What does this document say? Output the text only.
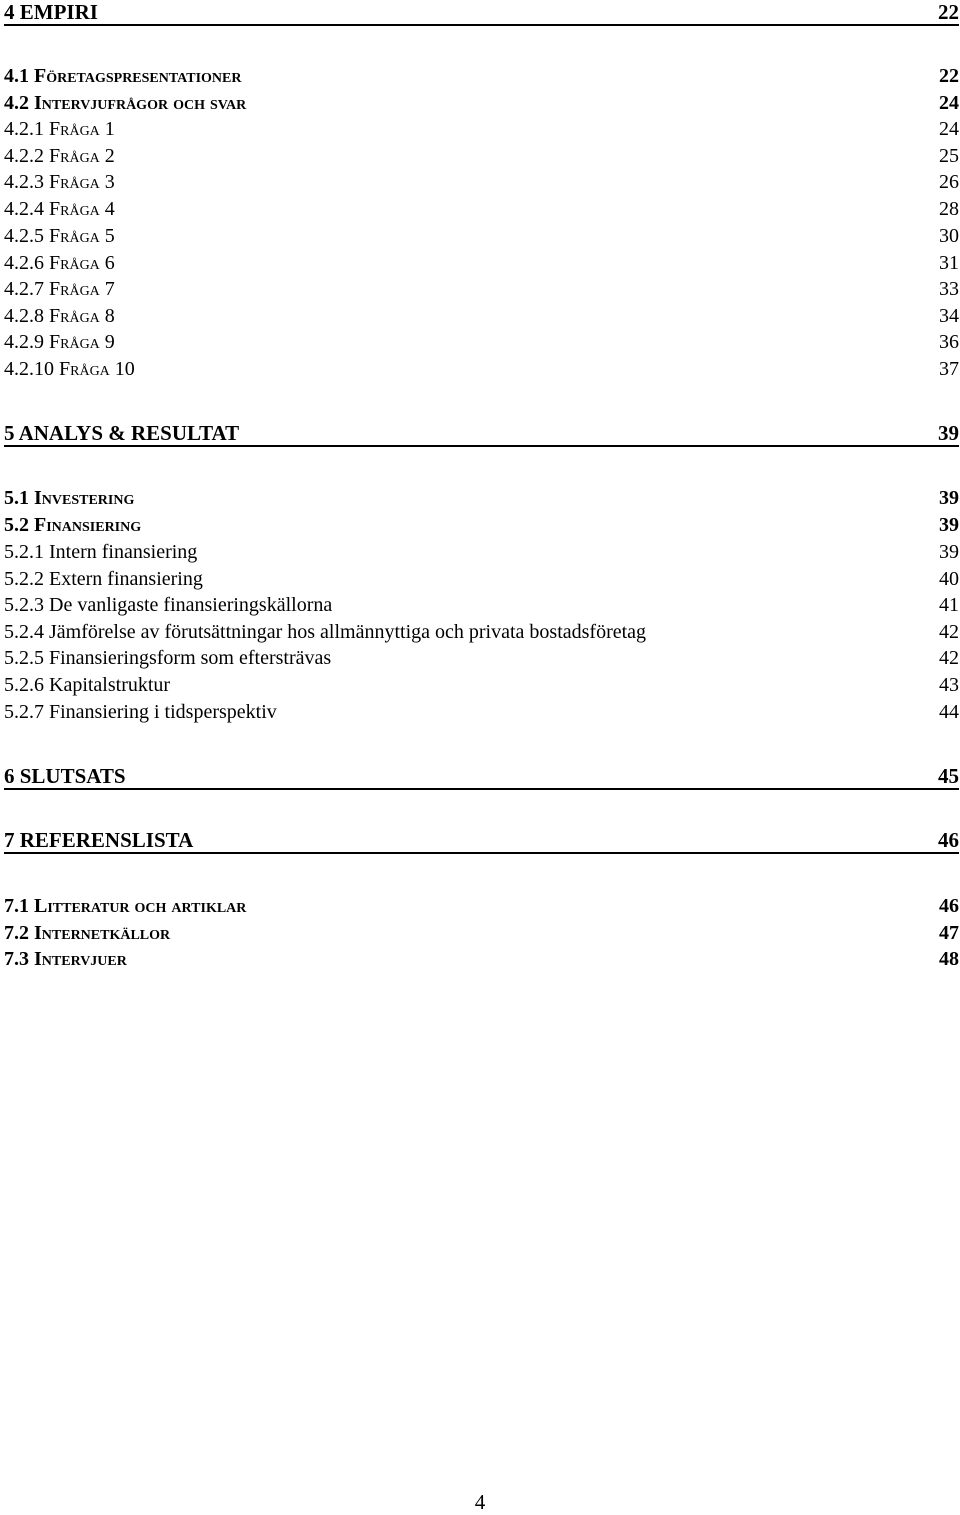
4 EMPIRI	22
4.1 Företagspresentationer	22
4.2 Intervjufrågor och svar	24
4.2.1 Fråga 1	24
4.2.2 Fråga 2	25
4.2.3 Fråga 3	26
4.2.4 Fråga 4	28
4.2.5 Fråga 5	30
4.2.6 Fråga 6	31
4.2.7 Fråga 7	33
4.2.8 Fråga 8	34
4.2.9 Fråga 9	36
4.2.10 Fråga 10	37
5 ANALYS & RESULTAT	39
5.1 Investering	39
5.2 Finansiering	39
5.2.1 Intern finansiering	39
5.2.2 Extern finansiering	40
5.2.3 De vanligaste finansieringskällorna	41
5.2.4 Jämförelse av förutsättningar hos allmännyttiga och privata bostadsföretag	42
5.2.5 Finansieringsform som eftersträvas	42
5.2.6 Kapitalstruktur	43
5.2.7 Finansiering i tidsperspektiv	44
6 SLUTSATS	45
7 REFERENSLISTA	46
7.1 Litteratur och artiklar	46
7.2 Internetkällor	47
7.3 Intervjuer	48
4
